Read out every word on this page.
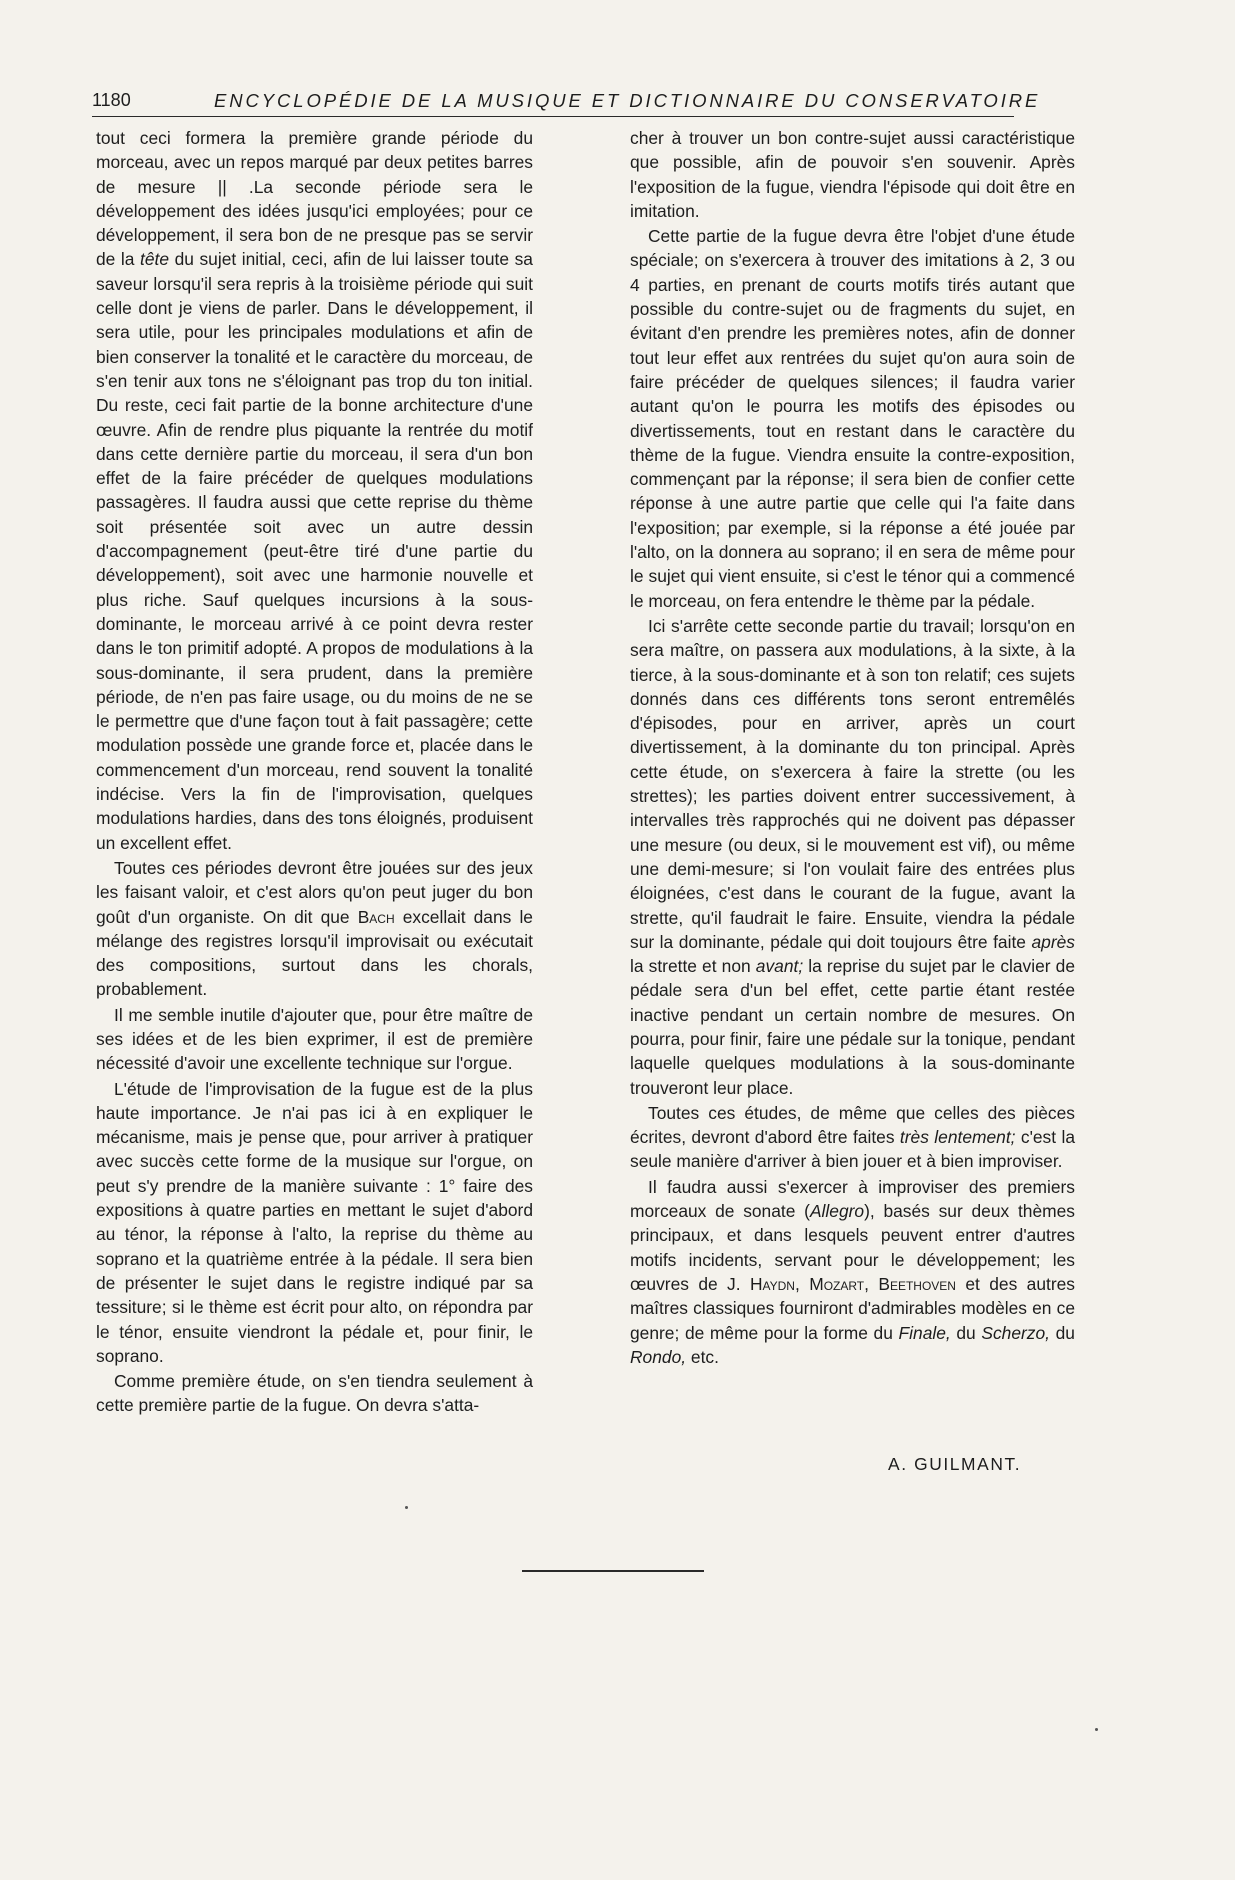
1180	ENCYCLOPÉDIE DE LA MUSIQUE ET DICTIONNAIRE DU CONSERVATOIRE

tout ceci formera la première grande période du morceau, avec un repos marqué par deux petites barres de mesure || .La seconde période sera le développement des idées jusqu'ici employées; pour ce développement, il sera bon de ne presque pas se servir de la tête du sujet initial, ceci, afin de lui laisser toute sa saveur lorsqu'il sera repris à la troisième période qui suit celle dont je viens de parler. Dans le développement, il sera utile, pour les principales modulations et afin de bien conserver la tonalité et le caractère du morceau, de s'en tenir aux tons ne s'éloignant pas trop du ton initial. Du reste, ceci fait partie de la bonne architecture d'une œuvre. Afin de rendre plus piquante la rentrée du motif dans cette dernière partie du morceau, il sera d'un bon effet de la faire précéder de quelques modulations passagères. Il faudra aussi que cette reprise du thème soit présentée soit avec un autre dessin d'accompagnement (peut-être tiré d'une partie du développement), soit avec une harmonie nouvelle et plus riche. Sauf quelques incursions à la sous-dominante, le morceau arrivé à ce point devra rester dans le ton primitif adopté. A propos de modulations à la sous-dominante, il sera prudent, dans la première période, de n'en pas faire usage, ou du moins de ne se le permettre que d'une façon tout à fait passagère; cette modulation possède une grande force et, placée dans le commencement d'un morceau, rend souvent la tonalité indécise. Vers la fin de l'improvisation, quelques modulations hardies, dans des tons éloignés, produisent un excellent effet.

Toutes ces périodes devront être jouées sur des jeux les faisant valoir, et c'est alors qu'on peut juger du bon goût d'un organiste. On dit que Bach excellait dans le mélange des registres lorsqu'il improvisait ou exécutait des compositions, surtout dans les chorals, probablement.

Il me semble inutile d'ajouter que, pour être maître de ses idées et de les bien exprimer, il est de première nécessité d'avoir une excellente technique sur l'orgue.

L'étude de l'improvisation de la fugue est de la plus haute importance. Je n'ai pas ici à en expliquer le mécanisme, mais je pense que, pour arriver à pratiquer avec succès cette forme de la musique sur l'orgue, on peut s'y prendre de la manière suivante : 1° faire des expositions à quatre parties en mettant le sujet d'abord au ténor, la réponse à l'alto, la reprise du thème au soprano et la quatrième entrée à la pédale. Il sera bien de présenter le sujet dans le registre indiqué par sa tessiture; si le thème est écrit pour alto, on répondra par le ténor, ensuite viendront la pédale et, pour finir, le soprano.

Comme première étude, on s'en tiendra seulement à cette première partie de la fugue. On devra s'atta-

cher à trouver un bon contre-sujet aussi caractéristique que possible, afin de pouvoir s'en souvenir. Après l'exposition de la fugue, viendra l'épisode qui doit être en imitation.

Cette partie de la fugue devra être l'objet d'une étude spéciale; on s'exercera à trouver des imitations à 2, 3 ou 4 parties, en prenant de courts motifs tirés autant que possible du contre-sujet ou de fragments du sujet, en évitant d'en prendre les premières notes, afin de donner tout leur effet aux rentrées du sujet qu'on aura soin de faire précéder de quelques silences; il faudra varier autant qu'on le pourra les motifs des épisodes ou divertissements, tout en restant dans le caractère du thème de la fugue. Viendra ensuite la contre-exposition, commençant par la réponse; il sera bien de confier cette réponse à une autre partie que celle qui l'a faite dans l'exposition; par exemple, si la réponse a été jouée par l'alto, on la donnera au soprano; il en sera de même pour le sujet qui vient ensuite, si c'est le ténor qui a commencé le morceau, on fera entendre le thème par la pédale.

Ici s'arrête cette seconde partie du travail; lorsqu'on en sera maître, on passera aux modulations, à la sixte, à la tierce, à la sous-dominante et à son ton relatif; ces sujets donnés dans ces différents tons seront entremêlés d'épisodes, pour en arriver, après un court divertissement, à la dominante du ton principal. Après cette étude, on s'exercera à faire la strette (ou les strettes); les parties doivent entrer successivement, à intervalles très rapprochés qui ne doivent pas dépasser une mesure (ou deux, si le mouvement est vif), ou même une demi-mesure; si l'on voulait faire des entrées plus éloignées, c'est dans le courant de la fugue, avant la strette, qu'il faudrait le faire. Ensuite, viendra la pédale sur la dominante, pédale qui doit toujours être faite après la strette et non avant; la reprise du sujet par le clavier de pédale sera d'un bel effet, cette partie étant restée inactive pendant un certain nombre de mesures. On pourra, pour finir, faire une pédale sur la tonique, pendant laquelle quelques modulations à la sous-dominante trouveront leur place.

Toutes ces études, de même que celles des pièces écrites, devront d'abord être faites très lentement; c'est la seule manière d'arriver à bien jouer et à bien improviser.

Il faudra aussi s'exercer à improviser des premiers morceaux de sonate (Allegro), basés sur deux thèmes principaux, et dans lesquels peuvent entrer d'autres motifs incidents, servant pour le développement; les œuvres de J. Haydn, Mozart, Beethoven et des autres maîtres classiques fourniront d'admirables modèles en ce genre; de même pour la forme du Finale, du Scherzo, du Rondo, etc.

A. GUILMANT.
